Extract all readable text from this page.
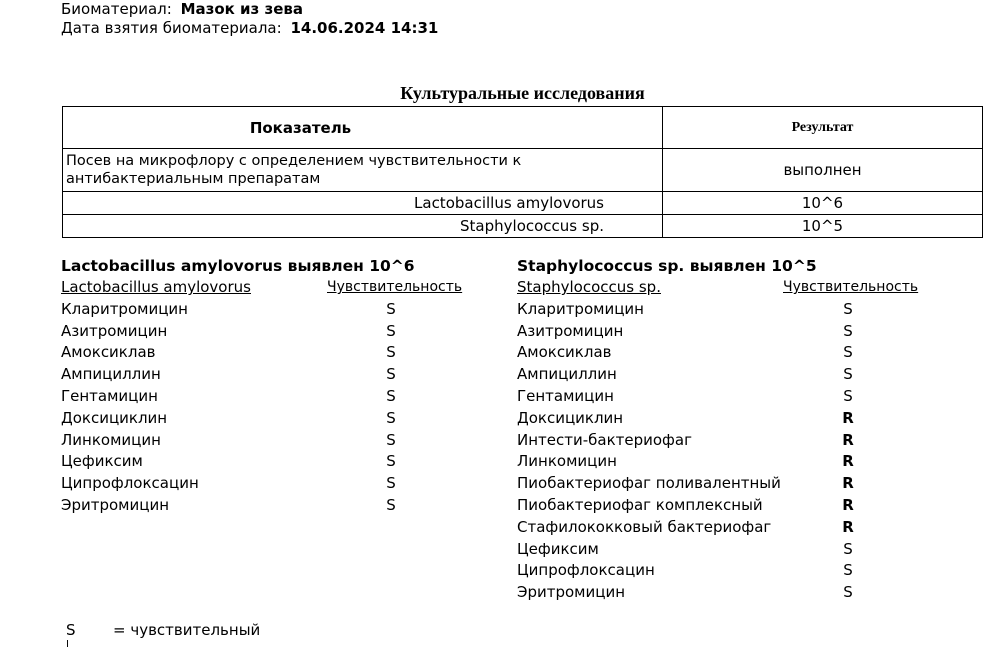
Биоматериал: Мазок из зева
Дата взятия биоматериала: 14.06.2024 14:31
Культуральные исследования
Показатель	Результат

Посев на микрофлору с определением чувствительности к
антибактериальным препаратам	выполнен
Lactobacillus amylovorus	10^6
Staphylococcus sp.	10^5
Lactobacillus amylovorus выявлен 10^6
Lactobacillus amylovorus	Чувствительность
Кларитромицин	S
Азитромицин	S
Амоксиклав	S
Ампициллин	S
Гентамицин	S
Доксициклин	S
Линкомицин	S
Цефиксим	S
Ципрофлоксацин	S
Эритромицин	S
Staphylococcus sp. выявлен 10^5
Staphylococcus sp.	Чувствительность
Кларитромицин	S
Азитромицин	S
Амоксиклав	S
Ампициллин	S
Гентамицин	S
Доксициклин	R
Интести-бактериофаг	R
Линкомицин	R
Пиобактериофаг поливалентный	R
Пиобактериофаг комплексный	R
Стафилококковый бактериофаг	R
Цефиксим	S
Ципрофлоксацин	S
Эритромицин	S
S = чувствительный
I
